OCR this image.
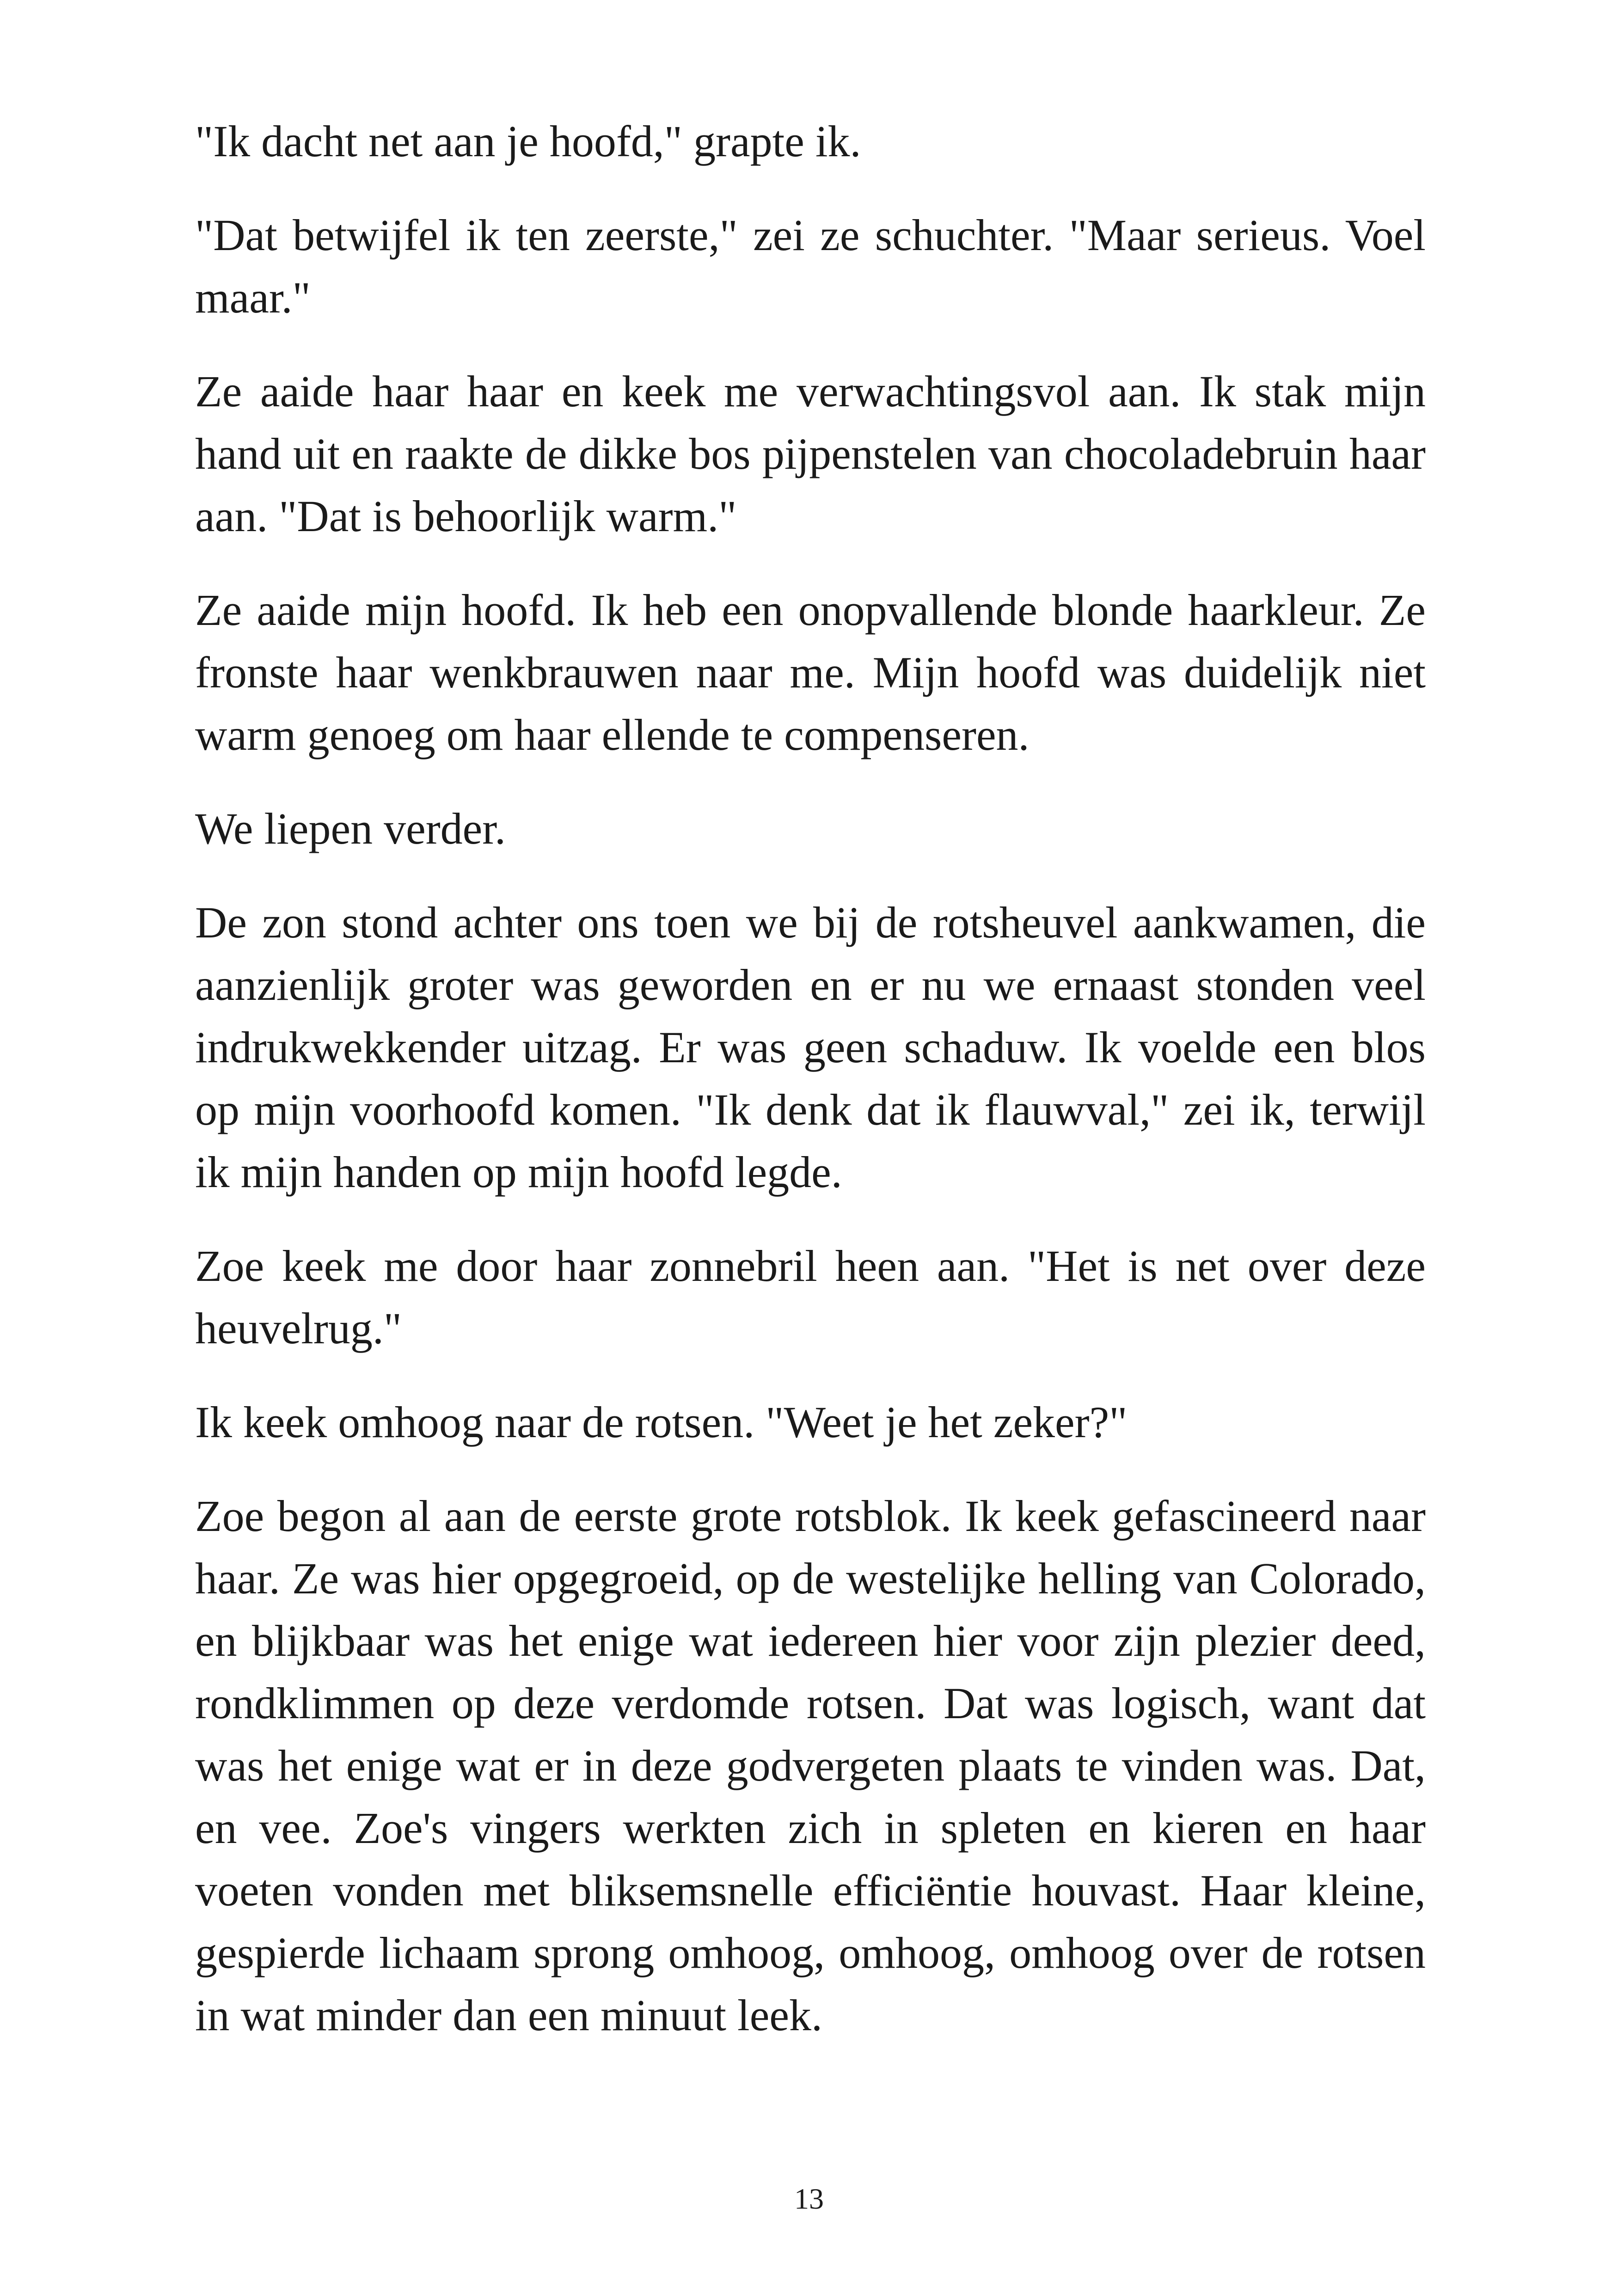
"Ik dacht net aan je hoofd," grapte ik.

"Dat betwijfel ik ten zeerste," zei ze schuchter. "Maar serieus. Voel maar."

Ze aaide haar haar en keek me verwachtingsvol aan. Ik stak mijn hand uit en raakte de dikke bos pijpenstelen van chocoladebruin haar aan. "Dat is behoorlijk warm."

Ze aaide mijn hoofd. Ik heb een onopvallende blonde haarkleur. Ze fronste haar wenkbrauwen naar me. Mijn hoofd was duidelijk niet warm genoeg om haar ellende te compenseren.

We liepen verder.

De zon stond achter ons toen we bij de rotsheuvel aankwamen, die aanzienlijk groter was geworden en er nu we ernaast stonden veel indrukwekkender uitzag. Er was geen schaduw. Ik voelde een blos op mijn voorhoofd komen. "Ik denk dat ik flauwval," zei ik, terwijl ik mijn handen op mijn hoofd legde.

Zoe keek me door haar zonnebril heen aan. "Het is net over deze heuvelrug."

Ik keek omhoog naar de rotsen. "Weet je het zeker?"

Zoe begon al aan de eerste grote rotsblok. Ik keek gefascineerd naar haar. Ze was hier opgegroeid, op de westelijke helling van Colorado, en blijkbaar was het enige wat iedereen hier voor zijn plezier deed, rondklimmen op deze verdomde rotsen. Dat was logisch, want dat was het enige wat er in deze godvergeten plaats te vinden was. Dat, en vee. Zoe's vingers werkten zich in spleten en kieren en haar voeten vonden met bliksemsnelle efficiëntie houvast. Haar kleine, gespierde lichaam sprong omhoog, omhoog, omhoog over de rotsen in wat minder dan een minuut leek.

13
